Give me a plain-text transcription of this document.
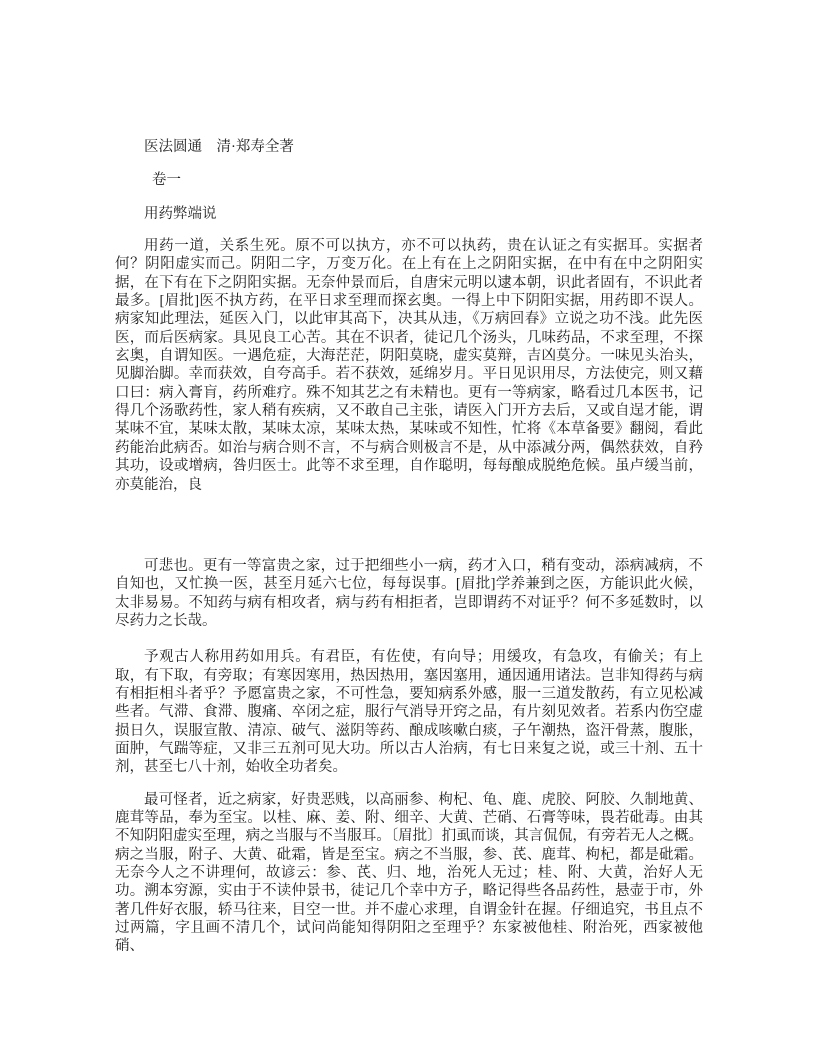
医法圆通　清·郑寿全著

卷一

用药弊端说

用药一道，关系生死。原不可以执方，亦不可以执药，贵在认证之有实据耳。实据者何？阴阳虚实而己。阴阳二字，万变万化。在上有在上之阴阳实据，在中有在中之阴阳实据，在下有在下之阴阳实据。无奈仲景而后，自唐宋元明以逮本朝，识此者固有，不识此者最多。[眉批]医不执方药，在平日求至理而探玄奥。一得上中下阴阳实据，用药即不误人。病家知此理法，延医入门，以此审其高下，决其从违，《万病回春》立说之功不浅。此先医医，而后医病家。具见良工心苦。其在不识者，徒记几个汤头，几味药品，不求至理，不探玄奥，自谓知医。一遇危症，大海茫茫，阴阳莫晓，虚实莫辩，吉凶莫分。一味见头治头，见脚治脚。幸而获效，自夸高手。若不获效，延绵岁月。平日见识用尽，方法使完，则又藉口曰：病入膏肓，药所难疗。殊不知其艺之有未精也。更有一等病家，略看过几本医书，记得几个汤歌药性，家人稍有疾病，又不敢自己主张，请医入门开方去后，又或自逞才能，谓某味不宜，某味太散，某味太凉，某味太热，某味或不知性，忙将《本草备要》翻阅，看此药能治此病否。如治与病合则不言，不与病合则极言不是，从中添减分两，偶然获效，自矜其功，设或增病，咎归医士。此等不求至理，自作聪明，每每酿成脱绝危候。虽卢缓当前，亦莫能治，良

可悲也。更有一等富贵之家，过于把细些小一病，药才入口，稍有变动，添病减病，不自知也，又忙换一医，甚至月延六七位，每每误事。[眉批]学养兼到之医，方能识此火候，太非易易。不知药与病有相攻者，病与药有相拒者，岂即谓药不对证乎？何不多延数时，以尽药力之长哉。

予观古人称用药如用兵。有君臣，有佐使，有向导；用缓攻，有急攻，有偷关；有上取，有下取，有旁取；有寒因寒用，热因热用，塞因塞用，通因通用诸法。岂非知得药与病有相拒相斗者乎？予愿富贵之家，不可性急，要知病系外感，服一三道发散药，有立见松减些者。气滞、食滞、腹痛、卒闭之症，服行气消导开窍之品，有片刻见效者。若系内伤空虚损日久，误服宣散、清凉、破气、滋阴等药、酿成咳嗽白痰，子午潮热，盗汗骨蒸，腹胀，面肿，气踹等症，又非三五剂可见大功。所以古人治病，有七日来复之说，或三十剂、五十剂，甚至七八十剂，始收全功者矣。

最可怪者，近之病家，好贵恶贱，以高丽参、枸杞、龟、鹿、虎胶、阿胶、久制地黄、鹿茸等品，奉为至宝。以桂、麻、姜、附、细辛、大黄、芒硝、石膏等味，畏若砒毒。由其不知阴阳虚实至理，病之当服与不当服耳。〔眉批〕扪虱而谈，其言侃侃，有旁若无人之概。病之当服，附子、大黄、砒霜，皆是至宝。病之不当服，参、芪、鹿茸、枸杞，都是砒霜。无奈今人之不讲理何，故谚云：参、芪、归、地，治死人无过；桂、附、大黄，治好人无功。溯本穷源，实由于不读仲景书，徒记几个幸中方子，略记得些各品药性，悬壶于市，外著几件好衣服，轿马往来，目空一世。并不虚心求理，自谓金针在握。仔细追究，书且点不过两篇，字且画不清几个，试问尚能知得阴阳之至理乎？东家被他桂、附治死，西家被他硝、
